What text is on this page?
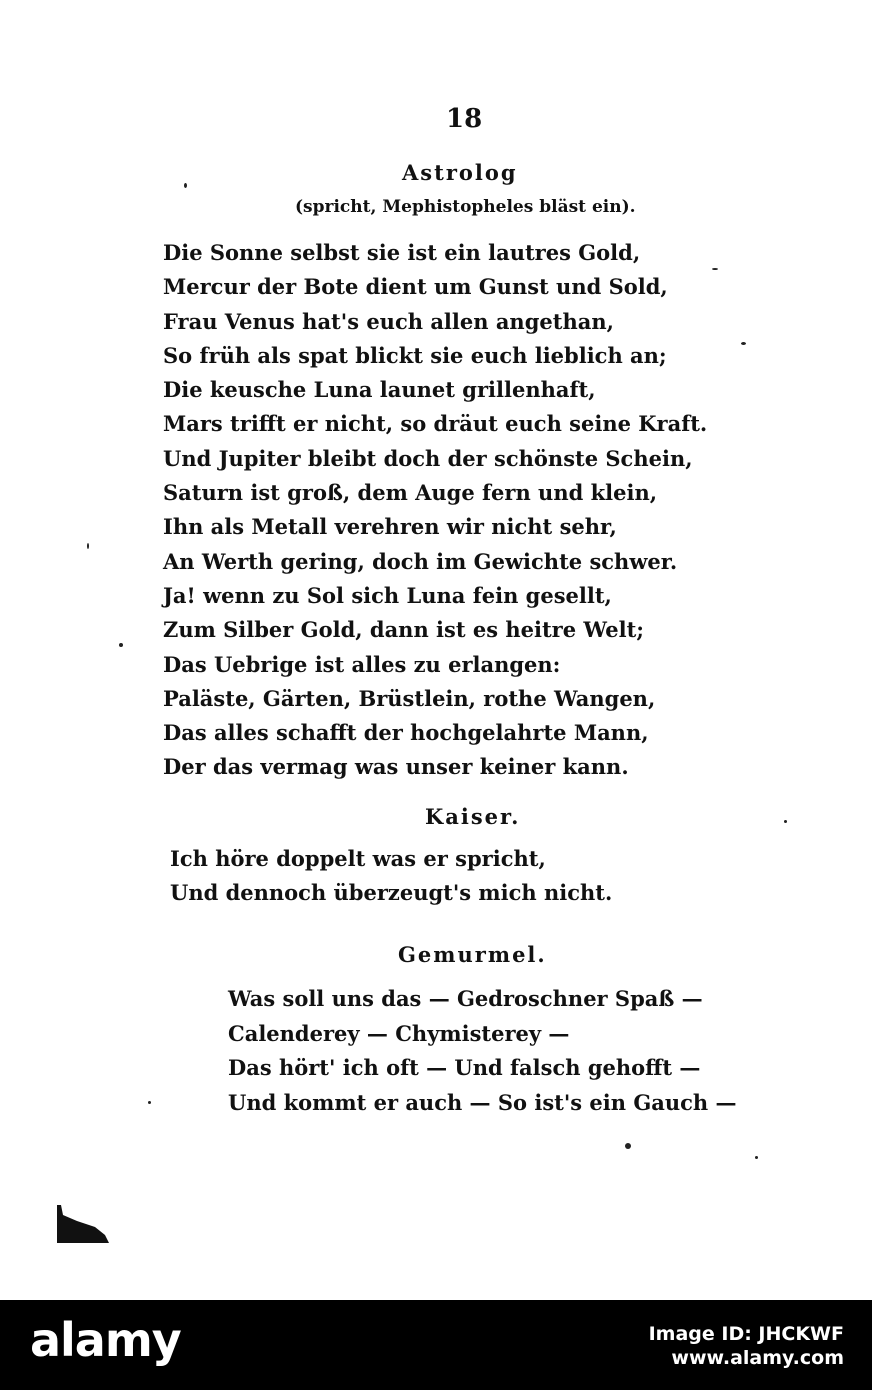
18
Astrolog
(spricht, Mephistopheles bläst ein).
Die Sonne selbst sie ist ein lautres Gold,
Mercur der Bote dient um Gunst und Sold,
Frau Venus hat's euch allen angethan,
So früh als spat blickt sie euch lieblich an;
Die keusche Luna launet grillenhaft,
Mars trifft er nicht, so dräut euch seine Kraft.
Und Jupiter bleibt doch der schönste Schein,
Saturn ist groß, dem Auge fern und klein,
Ihn als Metall verehren wir nicht sehr,
An Werth gering, doch im Gewichte schwer.
Ja! wenn zu Sol sich Luna fein gesellt,
Zum Silber Gold, dann ist es heitre Welt;
Das Uebrige ist alles zu erlangen:
Paläste, Gärten, Brüstlein, rothe Wangen,
Das alles schafft der hochgelahrte Mann,
Der das vermag was unser keiner kann.
Kaiser.
Ich höre doppelt was er spricht,
Und dennoch überzeugt's mich nicht.
Gemurmel.
Was soll uns das — Gedroschner Spaß —
Calenderey — Chymisterey —
Das hört' ich oft — Und falsch gehofft —
Und kommt er auch — So ist's ein Gauch —
alamy	Image ID: JHCKWF
www.alamy.com
